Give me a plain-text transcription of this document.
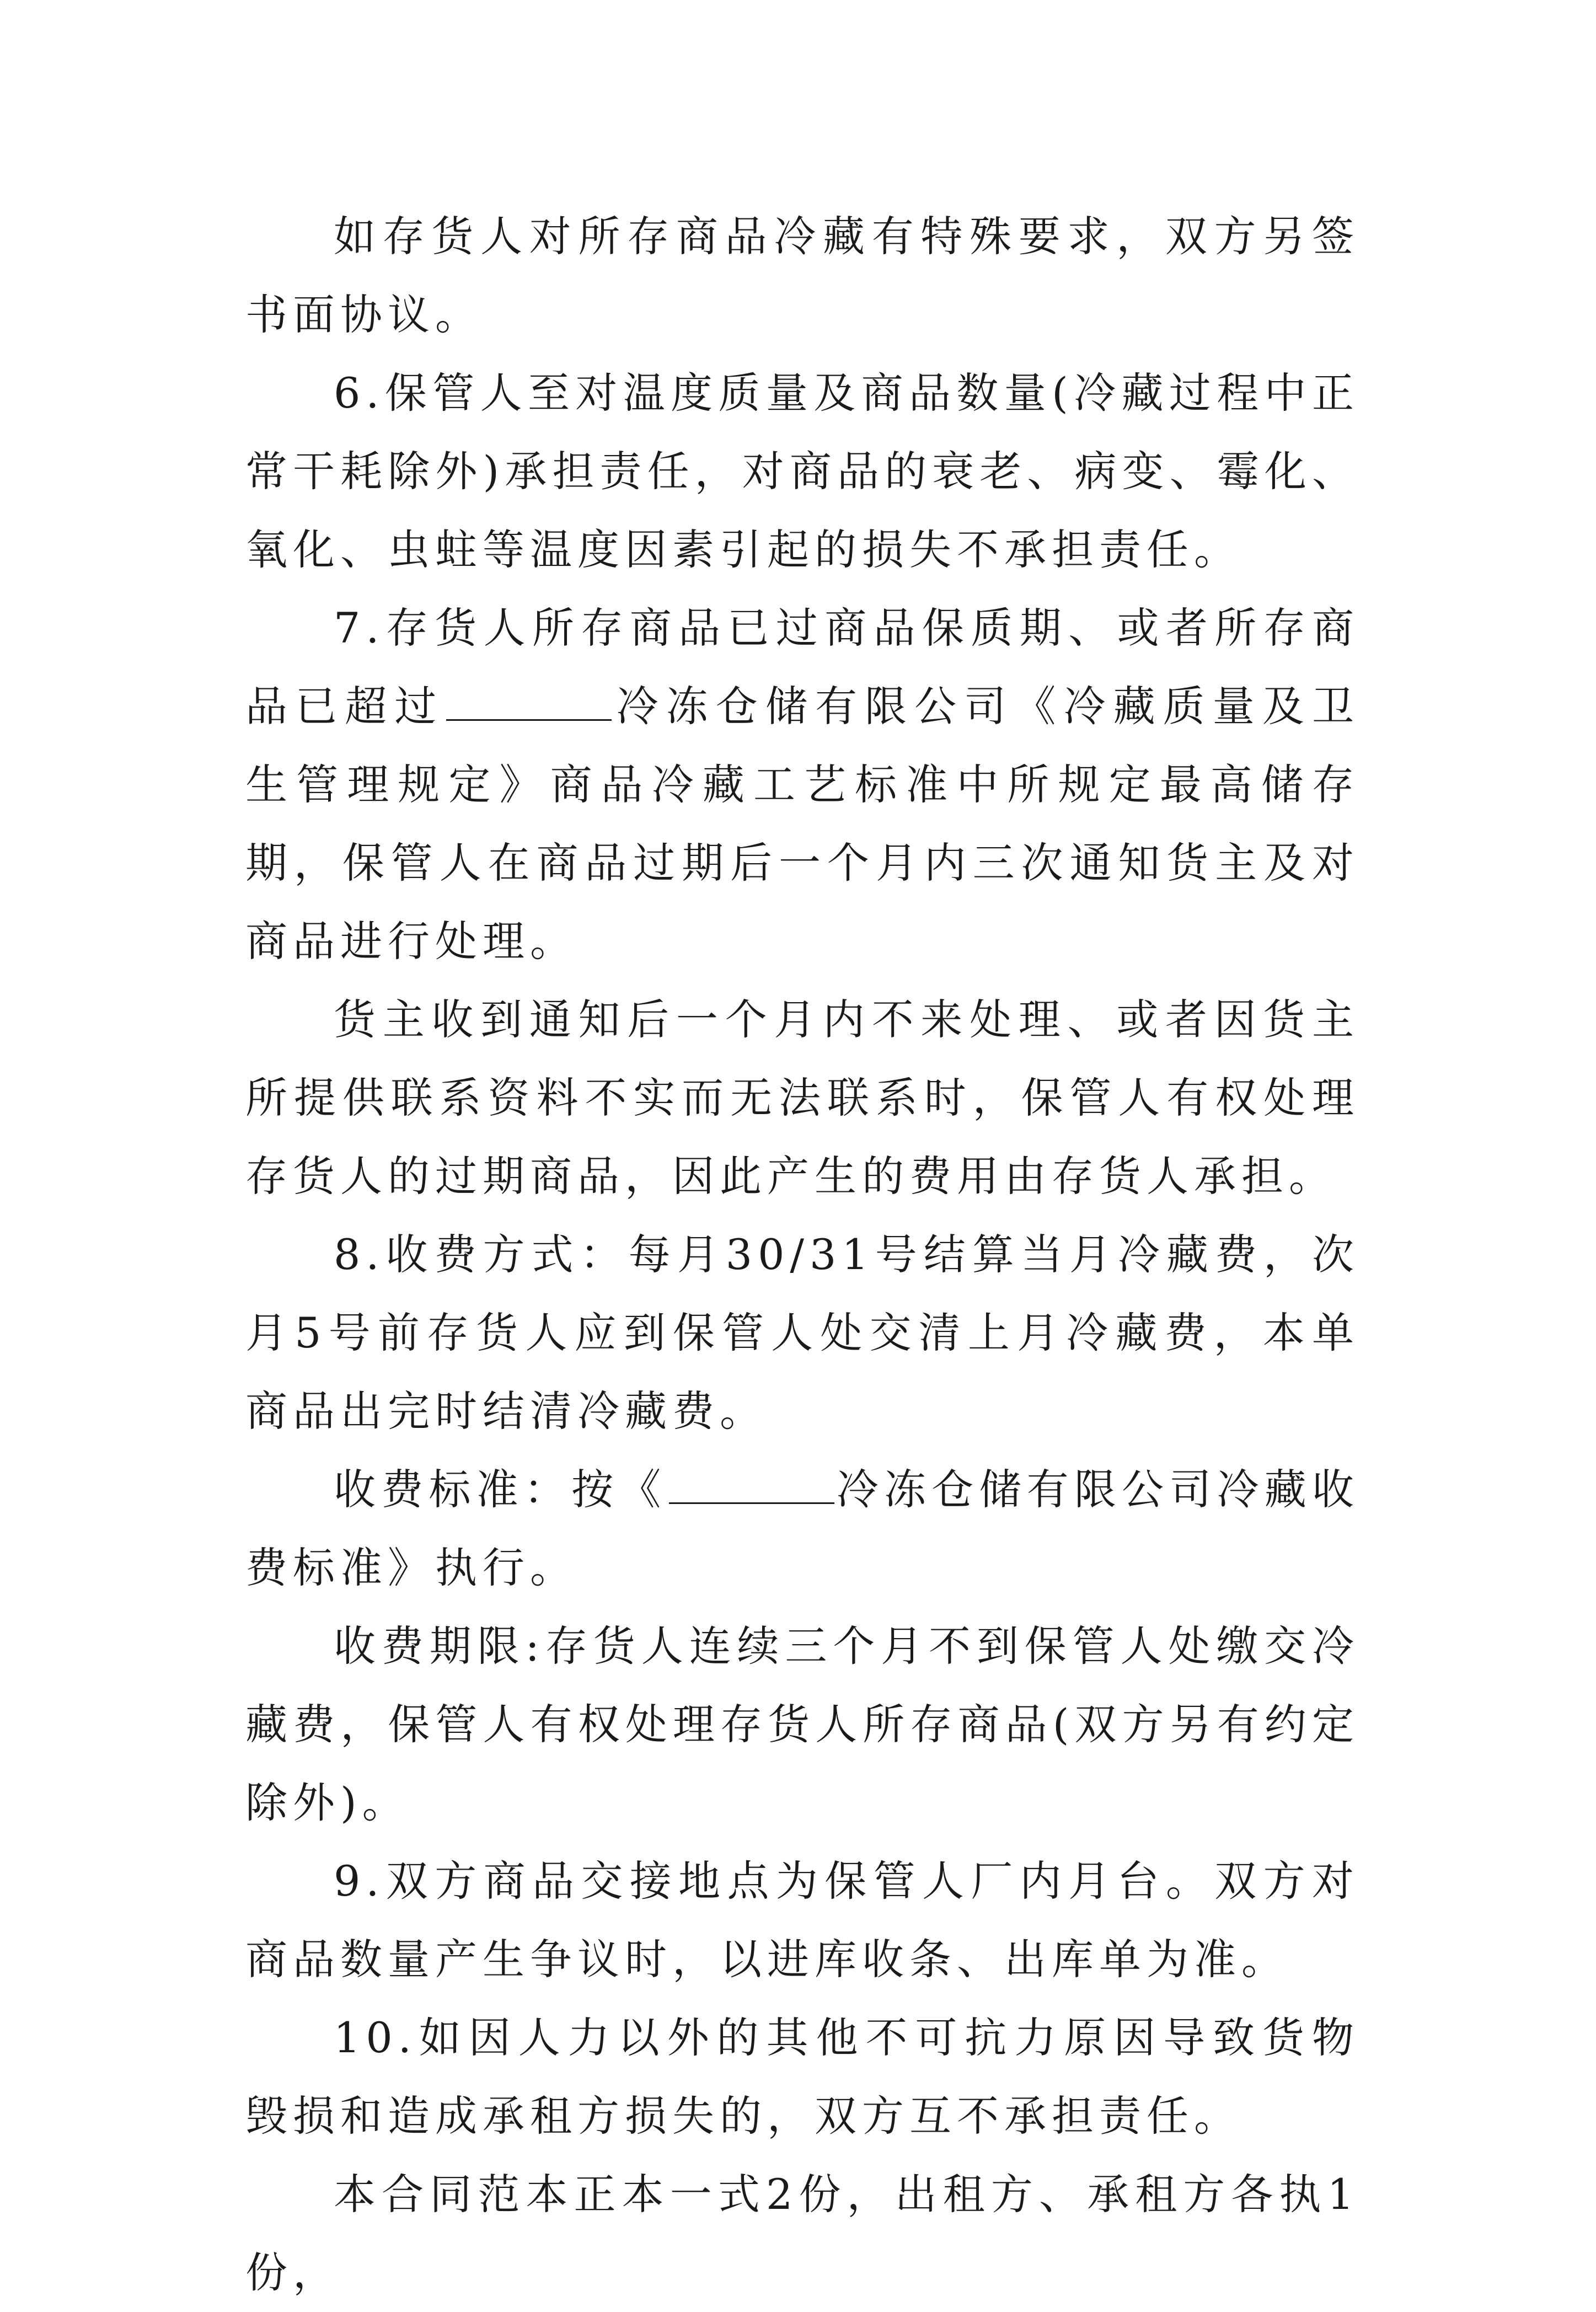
如存货人对所存商品冷藏有特殊要求，双方另签书面协议。

6.保管人至对温度质量及商品数量(冷藏过程中正常干耗除外)承担责任，对商品的衰老、病变、霉化、氧化、虫蛀等温度因素引起的损失不承担责任。

7.存货人所存商品已过商品保质期、或者所存商品已超过	冷冻仓储有限公司《冷藏质量及卫生管理规定》商品冷藏工艺标准中所规定最高储存期，保管人在商品过期后一个月内三次通知货主及对商品进行处理。

货主收到通知后一个月内不来处理、或者因货主所提供联系资料不实而无法联系时，保管人有权处理存货人的过期商品，因此产生的费用由存货人承担。

8.收费方式：每月30/31号结算当月冷藏费，次月5号前存货人应到保管人处交清上月冷藏费，本单商品出完时结清冷藏费。

收费标准：按《	冷冻仓储有限公司冷藏收费标准》执行。

收费期限:存货人连续三个月不到保管人处缴交冷藏费，保管人有权处理存货人所存商品(双方另有约定除外)。

9.双方商品交接地点为保管人厂内月台。双方对商品数量产生争议时，以进库收条、出库单为准。

10.如因人力以外的其他不可抗力原因导致货物毁损和造成承租方损失的，双方互不承担责任。

本合同范本正本一式2份，出租方、承租方各执1份，
